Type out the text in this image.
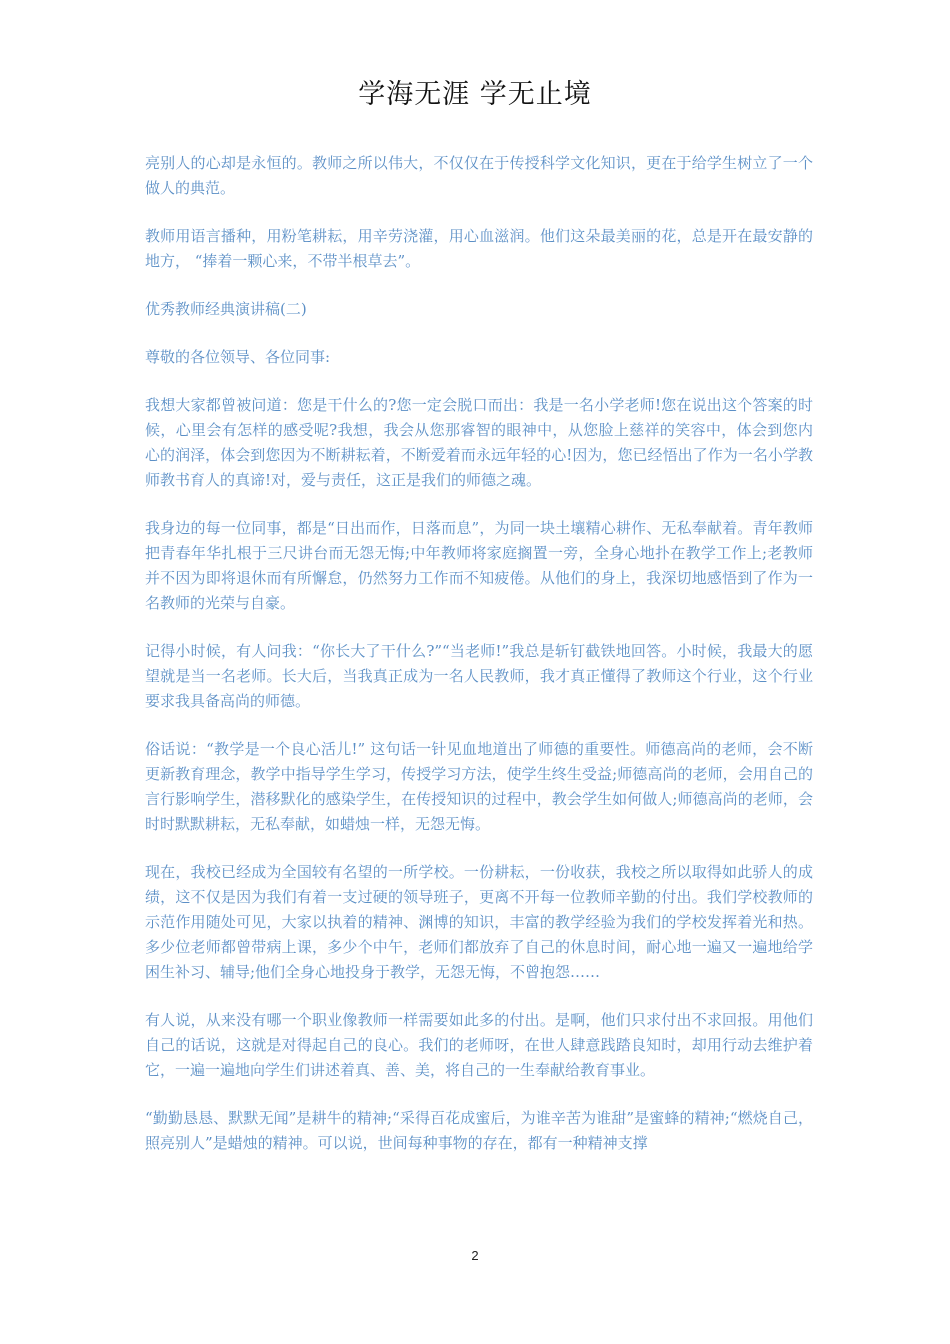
学海无涯 学无止境

亮别人的心却是永恒的。教师之所以伟大，不仅仅在于传授科学文化知识，更在于给学生树立了一个做人的典范。

教师用语言播种，用粉笔耕耘，用辛劳浇灌，用心血滋润。他们这朵最美丽的花，总是开在最安静的地方， “捧着一颗心来，不带半根草去”。

优秀教师经典演讲稿(二)

尊敬的各位领导、各位同事:

我想大家都曾被问道：您是干什么的?您一定会脱口而出：我是一名小学老师!您在说出这个答案的时候，心里会有怎样的感受呢?我想，我会从您那睿智的眼神中，从您脸上慈祥的笑容中，体会到您内心的润泽，体会到您因为不断耕耘着，不断爱着而永远年轻的心!因为，您已经悟出了作为一名小学教师教书育人的真谛!对，爱与责任，这正是我们的师德之魂。

我身边的每一位同事，都是“日出而作，日落而息”，为同一块土壤精心耕作、无私奉献着。青年教师把青春年华扎根于三尺讲台而无怨无悔;中年教师将家庭搁置一旁，全身心地扑在教学工作上;老教师并不因为即将退休而有所懈怠，仍然努力工作而不知疲倦。从他们的身上，我深切地感悟到了作为一名教师的光荣与自豪。

记得小时候，有人问我：“你长大了干什么?”“当老师!”我总是斩钉截铁地回答。小时候，我最大的愿望就是当一名老师。长大后，当我真正成为一名人民教师，我才真正懂得了教师这个行业，这个行业要求我具备高尚的师德。

俗话说：“教学是一个良心活儿!” 这句话一针见血地道出了师德的重要性。师德高尚的老师，会不断更新教育理念，教学中指导学生学习，传授学习方法，使学生终生受益;师德高尚的老师，会用自己的言行影响学生，潜移默化的感染学生，在传授知识的过程中，教会学生如何做人;师德高尚的老师，会时时默默耕耘，无私奉献，如蜡烛一样，无怨无悔。

现在，我校已经成为全国较有名望的一所学校。一份耕耘，一份收获，我校之所以取得如此骄人的成绩，这不仅是因为我们有着一支过硬的领导班子，更离不开每一位教师辛勤的付出。我们学校教师的示范作用随处可见，大家以执着的精神、渊博的知识，丰富的教学经验为我们的学校发挥着光和热。多少位老师都曾带病上课，多少个中午，老师们都放弃了自己的休息时间，耐心地一遍又一遍地给学困生补习、辅导;他们全身心地投身于教学，无怨无悔，不曾抱怨……

有人说，从来没有哪一个职业像教师一样需要如此多的付出。是啊，他们只求付出不求回报。用他们自己的话说，这就是对得起自己的良心。我们的老师呀，在世人肆意践踏良知时，却用行动去维护着它，一遍一遍地向学生们讲述着真、善、美，将自己的一生奉献给教育事业。

“勤勤恳恳、默默无闻”是耕牛的精神;“采得百花成蜜后，为谁辛苦为谁甜”是蜜蜂的精神;“燃烧自己，照亮别人”是蜡烛的精神。可以说，世间每种事物的存在，都有一种精神支撑

2
